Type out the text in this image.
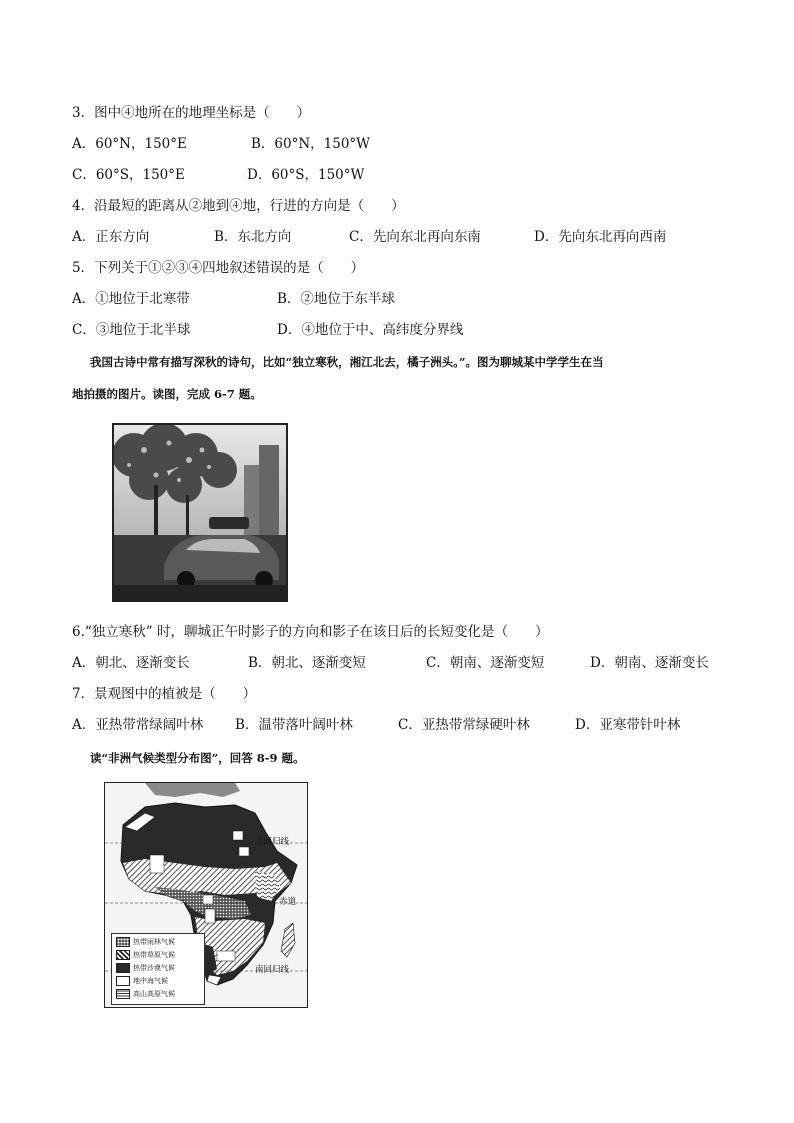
3．图中④地所在的地理坐标是（　　）
A．60°N，150°E	B．60°N，150°W
C．60°S，150°E	D．60°S，150°W
4．沿最短的距离从②地到④地，行进的方向是（　　）
A．正东方向	B．东北方向	C．先向东北再向东南	D．先向东北再向西南
5．下列关于①②③④四地叙述错误的是（　　）
A．①地位于北寒带	B．②地位于东半球
C．③地位于北半球	D．④地位于中、高纬度分界线
我国古诗中常有描写深秋的诗句，比如“独立寒秋，湘江北去，橘子洲头。”。图为聊城某中学学生在当
地拍摄的图片。读图，完成 6-7 题。
6.“独立寒秋” 时，聊城正午时影子的方向和影子在该日后的长短变化是（　　）
A．朝北、逐渐变长	B．朝北、逐渐变短	C．朝南、逐渐变短	D．朝南、逐渐变长
7．景观图中的植被是（　　）
A．亚热带常绿阔叶林 B．温带落叶阔叶林	C．亚热带常绿硬叶林	D．亚寒带针叶林
读“非洲气候类型分布图”，回答 8-9 题。
北回归线
赤道
南回归线
热带雨林气候
热带草原气候
热带沙漠气候
地中海气候
高山高原气候
